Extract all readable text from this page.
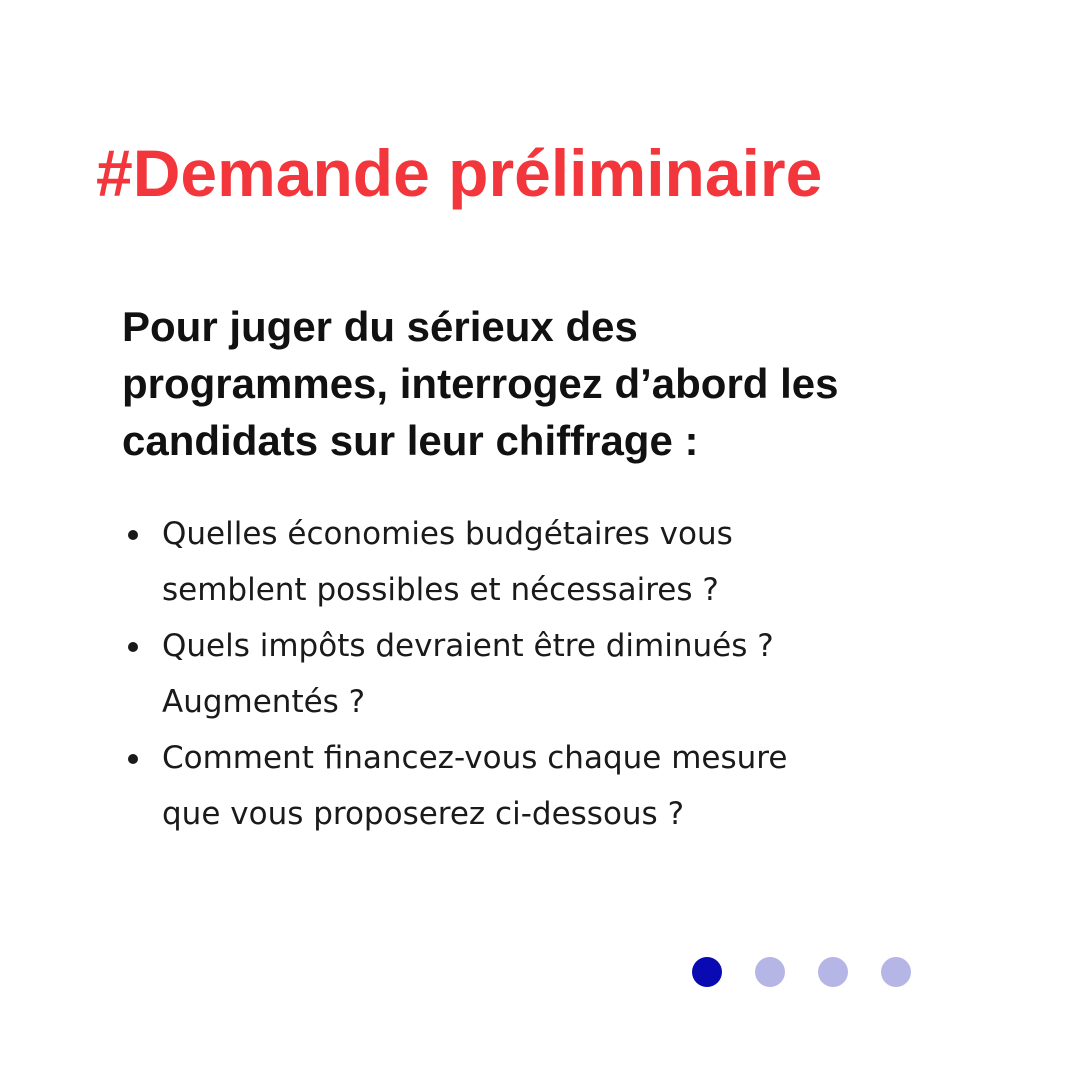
#Demande préliminaire

Pour juger du sérieux des
programmes, interrogez d’abord les
candidats sur leur chiffrage :

Quelles économies budgétaires vous
semblent possibles et nécessaires ?
Quels impôts devraient être diminués ?
Augmentés ?
Comment financez-vous chaque mesure
que vous proposerez ci-dessous ?
